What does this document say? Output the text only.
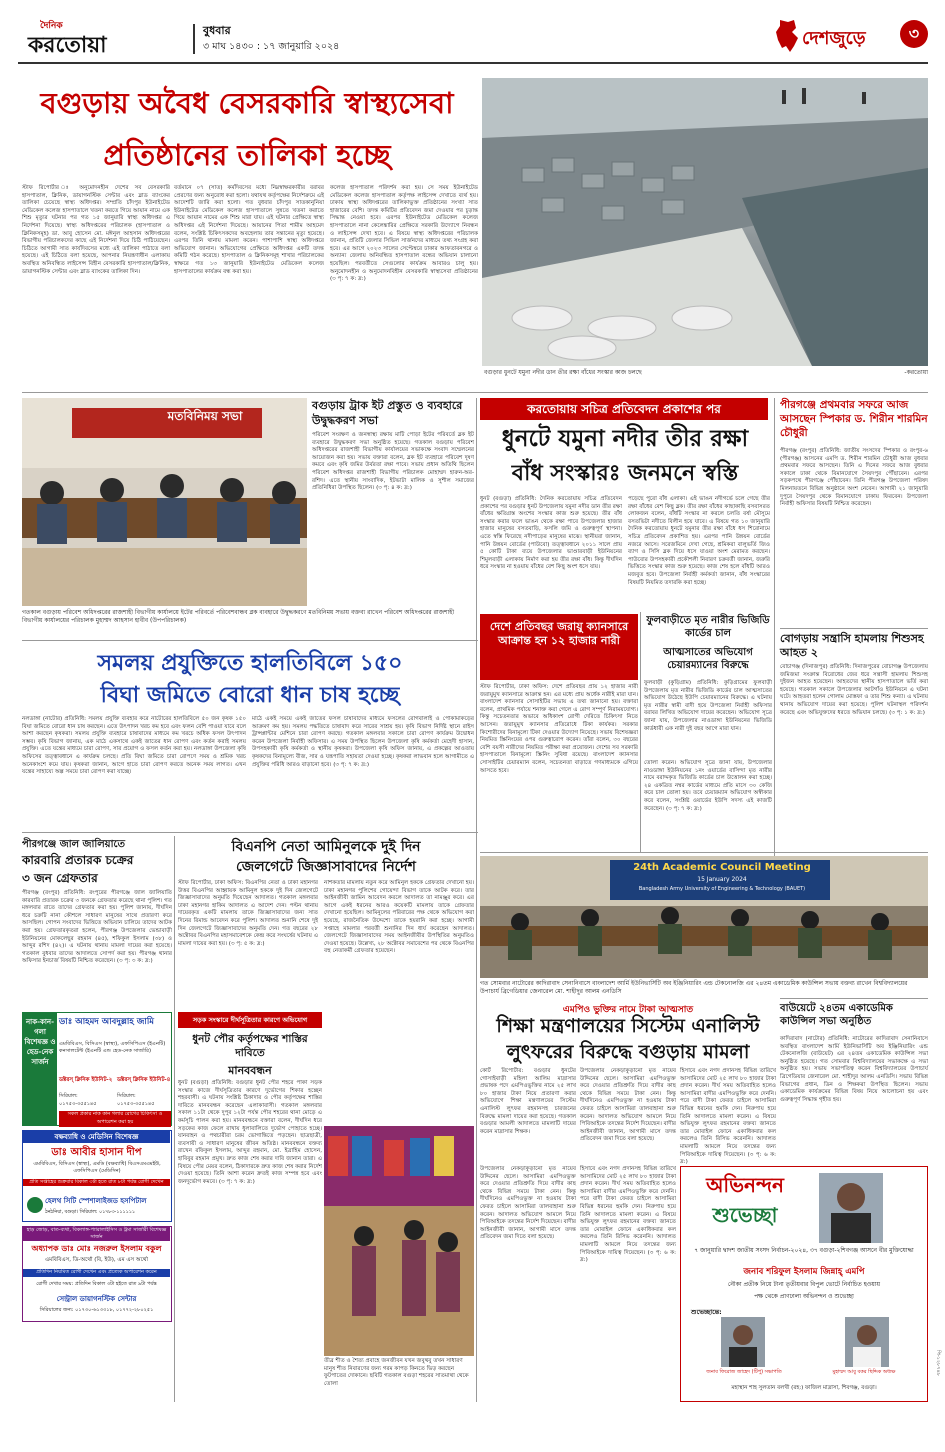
দৈনিক
করতোয়া
বুধবার
৩ মাঘ ১৪৩০ : ১৭ জানুয়ারি ২০২৪	দেশজুড়ে	৩
বগুড়ায় অবৈধ বেসরকারি স্বাস্থ্যসেবা
প্রতিষ্ঠানের তালিকা হচ্ছে
স্টাফ রিপোর্টার ঃ অনুমোদনহীন দেশের সব বেসরকারি হাসপাতাল, ক্লিনিক, ডায়াগনস্টিক সেন্টার এবং ব্লাড ব্যাংকের তালিকা চেয়েছে স্বাস্থ্য অধিদপ্তর। সম্প্রতি চাঁদপুর ইউনাইটেড মেডিকেল কলেজ হাসপাতালে খতনা করতে গিয়ে আয়ান নামে এক শিশু মৃত্যুর ঘটনার পর গত ১৫ জানুয়ারি স্বাস্থ্য অধিদপ্তর এ নির্দেশনা দিয়েছে। স্বাস্থ্য অধিদপ্তরের পরিচালক (হাসপাতাল ও ক্লিনিকসমূহ) ডা. আবু হোসেন মো. মঈনুল আহসান অধিদপ্তরের বিভাগীয় পরিচালকদের কাছে এই নির্দেশনা দিয়ে চিঠি পাঠিয়েছেন। চিঠিতে আগামী সাত কার্যদিবসের মধ্যে এই তালিকা পাঠাতে বলা হয়েছে। এই চিঠিতে বলা হয়েছে, আপনার নিয়ন্ত্রণাধীন এলাকায় অবস্থিত অনিবন্ধিত লাইসেন্স বিহীন বেসরকারি হাসপাতাল/ক্লিনিক, ডায়াগনস্টিক সেন্টার এবং ব্লাড ব্যাংকের তালিকা দিন।
বর্তমানে ০৭ (সাত) কর্মদিবসের মধ্যে নিম্নস্বাক্ষরকারীর বরাবর প্রেরণের জন্য অনুরোধ করা হলো। যথাযথ কর্তৃপক্ষের নির্দেশক্রমে এই আদেশটি জারি করা হলো। গত বুধবার চাঁদপুর সাতকানুনিয়া ইউনাইটেড মেডিকেল কলেজ হাসপাতালে সুন্নতে খতনা করাতে গিয়ে আয়ান নামের এক শিশু মারা যায়। এই ঘটনার প্রেক্ষিতে স্বাস্থ্য অধিদপ্তর এই নির্দেশনা দিয়েছে। আয়ানের পিতা শামীম আহমেদ বলেন, সংশ্লিষ্ট চিকিৎসকদের অবহেলায় তার সন্তানের মৃত্যু হয়েছে। এরপর তিনি থানায় মামলা করেন। পাশাপাশি স্বাস্থ্য অধিদপ্তরে অভিযোগ জানান। অভিযোগের প্রেক্ষিতে অধিদপ্তর একটি তদন্ত কমিটি গঠন করেছে। হাসপাতাল ও ক্লিনিকসমূহ শাখার পরিচালকের স্বাক্ষরে গত ১৩ জানুয়ারি ইউনাইটেড মেডিকেল কলেজ হাসপাতালের কার্যক্রম বন্ধ করা হয়।
কলেজ হাসপাতাল পরিদর্শন করা হয়। সে সময় ইউনাইটেড মেডিকেল কলেজ হাসপাতাল কর্তৃপক্ষ লাইসেন্স দেখাতে ব্যর্থ হয়। ঢাকায় স্বাস্থ্য অধিদপ্তরের তালিকাভুক্ত প্রতিষ্ঠানের সংখ্যা সাত হাজারের বেশি। তদন্ত কমিটির প্রতিবেদন জমা দেওয়ার পর চূড়ান্ত সিদ্ধান্ত নেওয়া হবে। এরপর ইউনাইটেড মেডিকেল কলেজ হাসপাতালে নানা কেলেঙ্কারির প্রেক্ষিতে সরকারি উদ্যোগে নিবন্ধন ও লাইসেন্স দেখা হবে। এ বিষয়ে স্বাস্থ্য অধিদপ্তরের পরিচালক জানান, প্রতিটি জেলার সিভিল সার্জনদের মাধ্যমে তথ্য সংগ্রহ করা হবে। এর আগে ২০২৩ সালের সেপ্টেম্বরে ঢাকার আফতাবনগরে ও অন্যান্য জেলায় অনিবন্ধিত হাসপাতাল বন্ধের অভিযান চালানো হয়েছিল। পরবর্তীতে সেগুলোর কার্যক্রম আবারও চালু হয়। অনুমোদনহীন ও অনুমোদনবিহীন বেসরকারি স্বাস্থ্যসেবা প্রতিষ্ঠানের (৩ পৃ: ৭ ক: দ্র:)
বগুড়ার ধুনটে যমুনা নদীর ডান তীর রক্ষা বাঁধের সংস্কার কাজ চলছে	-করতোয়া
মতবিনিময় সভা
গতকাল বগুড়ায় পরিবেশ অধিদপ্তরের রাজশাহী বিভাগীয় কার্যালয়ে ইটের পরিবর্তে পরিবেশবান্ধব ব্লক ব্যবহারে উদ্বুদ্ধকরণে মতবিনিময় সভায় বক্তব্য রাখেন পরিবেশ অধিদপ্তরের রাজশাহী বিভাগীয় কার্যালয়ের পরিচালক মুহাম্মদ আহসান হাবীব (উপপরিচালক)
বগুড়ায় ট্রাক ইট প্রস্তুত ও ব্যবহারে উদ্বুদ্ধকরণ সভা
পরিবেশ সংরক্ষণ ও জনস্বাস্থ্য রক্ষায় মাটি পোড়া ইটের পরিবর্তে ব্লক ইট ব্যবহারে উদ্বুদ্ধকরণ সভা অনুষ্ঠিত হয়েছে। গতকাল বগুড়ায় পরিবেশ অধিদপ্তরের রাজশাহী বিভাগীয় কার্যালয়ের সভাকক্ষে সংবাদ সম্মেলনের আয়োজন করা হয়। সভায় বক্তারা বলেন, ব্লক ইট ব্যবহারে পরিবেশ দূষণ কমবে এবং কৃষি জমির উর্বরতা রক্ষা পাবে। সভায় প্রধান অতিথি ছিলেন পরিবেশ অধিদপ্তর রাজশাহী বিভাগীয় পরিচালক মোহাম্মদ হারুন-অর-রশিদ। এতে স্থানীয় সাংবাদিক, ইটভাটা মালিক ও সুশীল সমাজের প্রতিনিধিরা উপস্থিত ছিলেন। (৩ পৃ: ৪ ক: দ্র:)
করতোয়ায় সচিত্র প্রতিবেদন প্রকাশের পর
ধুনটে যমুনা নদীর তীর রক্ষা
বাঁধ সংস্কারঃ জনমনে স্বস্তি
ধুনট (বগুড়া) প্রতিনিধি: দৈনিক করতোয়ায় সচিত্র প্রতিবেদন প্রকাশের পর বগুড়ার ধুনট উপজেলায় যমুনা নদীর ডান তীর রক্ষা বাঁধের ক্ষতিগ্রস্ত অংশের সংস্কার কাজ শুরু হয়েছে। তীর বাঁধ সংস্কার করার ফলে ভাঙন থেকে রক্ষা পাবে উপজেলার হাজার হাজার মানুষের বসতবাড়ি, ফসলি জমি ও গুরুত্বপূর্ণ স্থাপনা। এতে স্বস্তি ফিরেছে নদীপাড়ের মানুষের মাঝে। স্থানীয়রা জানান, পানি উন্নয়ন বোর্ডের (পাউবো) তত্ত্বাবধানে ২০১১ সালে প্রায় ৫ কোটি টাকা ব্যয়ে উপজেলার ভাণ্ডারবাড়ী ইউনিয়নের শিমুলবাড়ী এলাকায় নির্মাণ করা হয় তীর রক্ষা বাঁধ। কিন্তু দীর্ঘদিন ধরে সংস্কার না হওয়ায় বাঁধের বেশ কিছু অংশ ধসে যায়।
পড়েছে পুরো বাঁধ এলাকা। এই ভাঙন নদীগর্ভে চলে গেছে তীর রক্ষা বাঁধের বেশ কিছু ব্লক। তীর রক্ষা বাঁধের কাছাকাছি বসবাসরত লোকজন বলেন, বাঁধটি সংস্কার না করলে চলতি বর্ষা মৌসুমে বসতভিটা নদীতে বিলীন হয়ে যাবে। এ বিষয়ে গত ১০ জানুয়ারি দৈনিক করতোয়ায় ধুনটে যমুনার তীর রক্ষা বাঁধে ধস শিরোনামে সচিত্র প্রতিবেদন প্রকাশিত হয়। এরপর পানি উন্নয়ন বোর্ডের নজরে আসে। সরেজমিনে দেখা গেছে, শ্রমিকরা বালুভর্তি জিও ব্যাগ ও সিসি ব্লক দিয়ে ধসে যাওয়া অংশ মেরামত করছেন। পাউবোর উপসহকারী প্রকৌশলী নিবারণ চক্রবর্তী জানান, জরুরি ভিত্তিতে সংস্কার কাজ শুরু হয়েছে। কাজ শেষ হলে বাঁধটি আরও মজবুত হবে। উপজেলা নির্বাহী কর্মকর্তা জানান, বাঁধ সংস্কারের বিষয়টি নিয়মিত তদারকি করা হচ্ছে।
পীরগঞ্জে প্রথমবার সফরে আজ আসছেন স্পিকার ড. শিরীন শারমিন চৌধুরী
পীরগঞ্জ (রংপুর) প্রতিনিধি: জাতীয় সংসদের স্পিকার ও রংপুর-৬ (পীরগঞ্জ) আসনের এমপি ড. শিরীন শারমিন চৌধুরী আজ বুধবার প্রথমবার সফরে আসছেন। তিনি এ দিনের সফরে আজ বুধবার সকালে ঢাকা থেকে বিমানযোগে সৈয়দপুর পৌঁছাবেন। এরপর সড়কপথে পীরগঞ্জে পৌঁছাবেন। তিনি পীরগঞ্জ উপজেলা পরিষদ মিলনায়তনে বিভিন্ন অনুষ্ঠানে অংশ নেবেন। আগামী ২১ জানুয়ারি দুপুরে সৈয়দপুর থেকে বিমানযোগে ঢাকায় ফিরবেন। উপজেলা নির্বাহী অফিসার বিষয়টি নিশ্চিত করেছেন।
বোগড়ায় সন্ত্রাসি হামলায় শিশুসহ আহত ২
বোচাগঞ্জ (দিনাজপুর) প্রতিনিধি: দিনাজপুরের বোচাগঞ্জ উপজেলায় জমিজমা সংক্রান্ত বিরোধের জের ধরে সন্ত্রাসী হামলায় শিশুসহ দুইজন আহত হয়েছেন। আহতদের স্থানীয় হাসপাতালে ভর্তি করা হয়েছে। গতকাল সকালে উপজেলার আটগাঁও ইউনিয়নে এ ঘটনা ঘটে। আহতরা হলেন গোলাম মোস্তফা ও তার শিশু কন্যা। এ ঘটনায় থানায় অভিযোগ দায়ের করা হয়েছে। পুলিশ ঘটনাস্থল পরিদর্শন করেছে এবং অভিযুক্তদের ধরতে অভিযান চলছে। (৩ পৃ: ১ ক: দ্র:)
সমলয় প্রযুক্তিতে হালতিবিলে ১৫০
বিঘা জমিতে বোরো ধান চাষ হচ্ছে
নলডাঙ্গা (নাটোর) প্রতিনিধি: সমলয় প্রযুক্তি ব্যবহার করে নাটোরের হালতিবিলে ৫০ জন কৃষক ১৫০ বিঘা জমিতে বোরো ধান চাষ করছেন। এতে উৎপাদন খরচ কম হবে এবং ফলন বেশি পাওয়া যাবে বলে আশা করছেন কৃষকরা। সমলয় প্রযুক্তি ব্যবহারে চাষাবাদের মাধ্যমে কম খরচে অধিক ফসল উৎপাদন সম্ভব। কৃষি বিভাগ জানায়, এক মাঠে একসাথে একই জাতের ধান রোপণ এবং কর্তন করাই সমলয় প্রযুক্তি। এতে যন্ত্রের মাধ্যমে চারা রোপণ, সার প্রয়োগ ও ফসল কর্তন করা হয়। নলডাঙ্গা উপজেলা কৃষি অফিসের তত্ত্বাবধানে এ কার্যক্রম চলছে। প্রতি বিঘা জমিতে চারা রোপণে সময় ও শ্রমিক খরচ অনেকাংশে কমে যায়। কৃষকরা জানান, আগে হাতে চারা রোপণ করতে অনেক সময় লাগত। এখন যন্ত্রের সাহায্যে অল্প সময়ে চারা রোপণ করা যাচ্ছে।
মাঠে একই সময়ে একই জাতের ফসল চাষাবাদের মাধ্যমে ফসলের রোগবালাই ও পোকামাকড়ের আক্রমণ কম হয়। সমলয় পদ্ধতিতে চাষাবাদ করে সারের সাশ্রয় হয়। কৃষি বিভাগ নির্দিষ্ট স্থানে রাইস ট্রান্সপ্লান্টার মেশিনে চারা রোপণ করছে। গতকাল মঙ্গলবার সকালে চারা রোপণ কার্যক্রম উদ্বোধন করেন উপজেলা নির্বাহী অফিসার। এ সময় উপস্থিত ছিলেন উপজেলা কৃষি কর্মকর্তা মেহেদী হাসান, উপসহকারী কৃষি কর্মকর্তা ও স্থানীয় কৃষকরা। উপজেলা কৃষি অফিস জানায়, এ প্রকল্পের আওতায় কৃষকদের বিনামূল্যে বীজ, সার ও যন্ত্রপাতি সহায়তা দেওয়া হচ্ছে। কৃষকরা লাভবান হলে আগামীতে এ প্রযুক্তির পরিধি আরও বাড়ানো হবে। (৩ পৃ: ৭ ক: দ্র:)
দেশে প্রতিবছর জরায়ু ক্যানসারে আক্রান্ত হন ১২ হাজার নারী
স্টাফ রিপোর্টার, ঢাকা অফিস: দেশে প্রতিবছর প্রায় ১২ হাজার নারী জরায়ুমুখ ক্যানসারে আক্রান্ত হন। এর মধ্যে প্রায় অর্ধেক নারীই মারা যান। বাংলাদেশ ক্যানসার সোসাইটির সভায় এ তথ্য জানানো হয়। বক্তারা বলেন, প্রাথমিক পর্যায়ে শনাক্ত করা গেলে এ রোগ সম্পূর্ণ নিরাময়যোগ্য। কিন্তু সচেতনতার অভাবে অধিকাংশ রোগী দেরিতে চিকিৎসা নিতে আসেন। জরায়ুমুখ ক্যানসার প্রতিরোধে টিকা কার্যকর। সরকার কিশোরীদের বিনামূল্যে টিকা দেওয়ার উদ্যোগ নিয়েছে। সভায় বিশেষজ্ঞরা নিয়মিত স্ক্রিনিংয়ের ওপর গুরুত্বারোপ করেন। তাঁরা বলেন, ৩০ বছরের বেশি বয়সী নারীদের নিয়মিত পরীক্ষা করা প্রয়োজন। দেশের সব সরকারি হাসপাতালে বিনামূল্যে স্ক্রিনিং সুবিধা রয়েছে। বাংলাদেশ ক্যানসার সোসাইটির চেয়ারম্যান বলেন, সচেতনতা বাড়াতে গণমাধ্যমকে এগিয়ে আসতে হবে।
ফুলবাড়ীতে মৃত নারীর ভিজিডি কার্ডের চাল
আত্মসাতের অভিযোগ চেয়ারম্যানের বিরুদ্ধে
ফুলবাড়ী (কুড়িগ্রাম) প্রতিনিধি: কুড়িগ্রামের ফুলবাড়ী উপজেলায় মৃত নারীর ভিজিডি কার্ডের চাল আত্মসাতের অভিযোগ উঠেছে ইউপি চেয়ারম্যানের বিরুদ্ধে। এ ঘটনায় মৃত নারীর স্বামী বাদী হয়ে উপজেলা নির্বাহী অফিসার বরাবর লিখিত অভিযোগ দায়ের করেছেন। অভিযোগ সূত্রে জানা যায়, উপজেলার নাওডাঙ্গা ইউনিয়নের ভিজিডি কার্ডধারী এক নারী দুই বছর আগে মারা যান।
তোলা করেন। অভিযোগ সূত্রে জানা যায়, উপজেলার নাওডাঙ্গা ইউনিয়নের ১নং ওয়ার্ডের বাসিন্দা মৃত নারীর নামে বরাদ্দকৃত ভিজিডি কার্ডের চাল উত্তোলন করা হচ্ছে। ২৪ একত্রিত নম্বর কার্ডের মাধ্যমে প্রতি মাসে ৩০ কেজি করে চাল তোলা হয়। তবে চেয়ারম্যান অভিযোগ অস্বীকার করে বলেন, সংশ্লিষ্ট ওয়ার্ডের ইউপি সদস্য এই কাজটি করেছেন। (৩ পৃ: ৭ ক: দ্র:)
পীরগঞ্জে জাল জালিয়াতে
কারবারি প্রতারক চক্রের
৩ জন গ্রেফতার
পীরগঞ্জ (রংপুর) প্রতিনিধি: রংপুরের পীরগঞ্জে জাল জালিয়াতি কারবারি প্রতারক চক্রের ৩ জনকে গ্রেফতার করেছে থানা পুলিশ। গত মঙ্গলবার রাতে তাদের গ্রেফতার করা হয়। পুলিশ জানায়, দীর্ঘদিন ধরে চক্রটি নানা কৌশলে সাধারণ মানুষের সাথে প্রতারণা করে আসছিল। গোপন সংবাদের ভিত্তিতে অভিযান চালিয়ে তাদের আটক করা হয়। গ্রেফতারকৃতরা হলেন, পীরগঞ্জ উপজেলার ভেন্ডাবাড়ী ইউনিয়নের মোকলেছুর রহমান (৪৫), শফিকুল ইসলাম (৩৮) ও আব্দুর রশিদ (৪২)। এ ঘটনায় থানায় মামলা দায়ের করা হয়েছে। গতকাল বুধবার তাদের আদালতে সোপর্দ করা হয়। পীরগঞ্জ থানার অফিসার ইনচার্জ বিষয়টি নিশ্চিত করেছেন। (৩ পৃ: ৩ ক: দ্র:)
বিএনপি নেতা আমিনুলকে দুই দিন
জেলগেটে জিজ্ঞাসাবাদের নির্দেশ
স্টাফ রিপোর্টার, ঢাকা অফিস: বিএনপির নেতা ও ঢাকা মহানগর উত্তর বিএনপির আহ্বায়ক আমিনুল হককে দুই দিন জেলগেটে জিজ্ঞাসাবাদের অনুমতি দিয়েছেন আদালত। গতকাল মঙ্গলবার ঢাকা মহানগর হাকিম আদালত এ আদেশ দেন। পল্টন থানায় দায়েরকৃত একটি মামলায় তাকে জিজ্ঞাসাবাদের জন্য সাত দিনের রিমান্ড আবেদন করে পুলিশ। আদালত শুনানি শেষে দুই দিন জেলগেটে জিজ্ঞাসাবাদের অনুমতি দেন। গত বছরের ২৮ অক্টোবর বিএনপির মহাসমাবেশকে কেন্দ্র করে সংঘর্ষের ঘটনায় এ মামলা দায়ের করা হয়। (৩ পৃ: ৫ ক: দ্র:)
নাশকতার মামলায় নতুন করে আমিনুল হককে গ্রেফতার দেখানো হয়। ঢাকা মহানগর পুলিশের গোয়েন্দা বিভাগ তাকে আটক করে। তার আইনজীবী জামিন আবেদন করলে আদালত তা নামঞ্জুর করে। এর আগে একই ধরনের আরও কয়েকটি মামলায় তাকে গ্রেফতার দেখানো হয়েছিল। আমিনুলের পরিবারের পক্ষ থেকে অভিযোগ করা হয়েছে, রাজনৈতিক উদ্দেশ্যে তাকে হয়রানি করা হচ্ছে। আগামী সপ্তাহে মামলার পরবর্তী শুনানির দিন ধার্য করেছেন আদালত। জেলগেটে জিজ্ঞাসাবাদের সময় আইনজীবীর উপস্থিতির অনুমতিও দেওয়া হয়েছে। উল্লেখ্য, ২৮ অক্টোবর সমাবেশের পর থেকে বিএনপির বহু নেতাকর্মী গ্রেফতার হয়েছেন।
24th Academic Council Meeting
15 January 2024
Bangladesh Army University of Engineering & Technology (BAUET)
গত সোমবার নাটোরের কাদিরাবাদ সেনানিবাসে বাংলাদেশ আর্মি ইউনিভার্সিটি অব ইঞ্জিনিয়ারিং এন্ড টেকনোলজি এর ২৪তম একাডেমিক কাউন্সিল সভায় বক্তব্য রাখেন বিশ্ববিদ্যালয়ের উপাচার্য ব্রিগেডিয়ার জেনারেল মো. শাহীদুর আলম এনডিসি
সড়ক সংস্কারে দীর্ঘসূত্রিতার কারণে অভিযোগ
ধুনট পৌর কর্তৃপক্ষের শাস্তির দাবিতে
মানববন্ধন
ধুনট (বগুড়া) প্রতিনিধি: বগুড়ার ধুনট পৌর শহরে পাকা সড়ক সংস্কার কাজে দীর্ঘসূত্রিতার কারণে দুর্ভোগের শিকার হচ্ছেন শহরবাসী। এ ঘটনায় সংশ্লিষ্ট ঠিকাদার ও পৌর কর্তৃপক্ষের শাস্তির দাবিতে মানববন্ধন করেছেন এলাকাবাসী। গতকাল মঙ্গলবার সকাল ১১টা থেকে দুপুর ১২টা পর্যন্ত পৌর শহরের থানা মোড়ে এ কর্মসূচি পালন করা হয়। মানববন্ধনে বক্তারা বলেন, দীর্ঘদিন ধরে সড়কের কাজ ফেলে রাখায় ধুলাবালিতে দুর্ভোগ পোহাতে হচ্ছে। যানবাহন ও পথচারীরা চরম ভোগান্তিতে পড়ছেন। ছাত্রছাত্রী, ব্যবসায়ী ও সাধারণ মানুষের জীবন অতিষ্ঠ। মানববন্ধনে বক্তব্য রাখেন রফিকুল ইসলাম, আব্দুর রহমান, মো. ইব্রাহিম হোসেন, হাবিবুর রহমান প্রমুখ। দ্রুত কাজ শেষ করার দাবি জানান তারা। এ বিষয়ে পৌর মেয়র বলেন, ঠিকাদারকে দ্রুত কাজ শেষ করার নির্দেশ দেওয়া হয়েছে। তিনি আশা করেন দ্রুতই কাজ সম্পন্ন হবে এবং জনদুর্ভোগ কমবে। (৩ পৃ: ৭ ক: দ্র:)
বাউয়েটে ২৪তম একাডেমিক কাউন্সিল সভা অনুষ্ঠিত
কাদিরাবাদ (নাটোর) প্রতিনিধি: নাটোরের কাদিরাবাদ সেনানিবাসে অবস্থিত বাংলাদেশ আর্মি ইউনিভার্সিটি অব ইঞ্জিনিয়ারিং এন্ড টেকনোলজি (বাউয়েট) এর ২৪তম একাডেমিক কাউন্সিল সভা অনুষ্ঠিত হয়েছে। গত সোমবার বিশ্ববিদ্যালয়ের সভাকক্ষে এ সভা অনুষ্ঠিত হয়। সভায় সভাপতিত্ব করেন বিশ্ববিদ্যালয়ের উপাচার্য ব্রিগেডিয়ার জেনারেল মো. শাহীদুর আলম এনডিসি। সভায় বিভিন্ন বিভাগের প্রধান, ডিন ও শিক্ষকরা উপস্থিত ছিলেন। সভায় একাডেমিক কার্যক্রমের বিভিন্ন বিষয় নিয়ে আলোচনা হয় এবং গুরুত্বপূর্ণ সিদ্ধান্ত গৃহীত হয়।
এমপিও ভুক্তির নামে টাকা আত্মসাত
শিক্ষা মন্ত্রণালয়ের সিস্টেম এনালিস্ট
লুৎফরের বিরুদ্ধে বগুড়ায় মামলা
কোর্ট রিপোর্টার: বগুড়ার ধুনটের গোসাইবাড়ী মহিলা আলিম মাদ্রাসার প্রভাষক পদে এমপিওভুক্তির নামে ২৫ লাখ ৮০ হাজার টাকা নিয়ে প্রতারণা করার অভিযোগে শিক্ষা মন্ত্রণালয়ের সিস্টেম এনালিস্ট লুৎফর রহমানসহ চারজনের বিরুদ্ধে মামলা দায়ের করা হয়েছে। গতকাল বগুড়ার আমলী আদালতে মামলাটি দায়ের করেন মাদ্রাসার শিক্ষক।
উপজেলার নেকড়াকুড়ানো মৃত নায়েব উদ্দিনের ছেলে। আসামিরা এমপিওভুক্ত করে দেওয়ার প্রতিশ্রুতি দিয়ে বাদীর কাছ থেকে বিভিন্ন সময়ে টাকা নেন। কিন্তু দীর্ঘদিনেও এমপিওভুক্ত না হওয়ায় টাকা ফেরত চাইলে আসামিরা তালবাহানা শুরু করেন। আদালত অভিযোগ আমলে নিয়ে পিবিআইকে তদন্তের নির্দেশ দিয়েছেন। বাদীর আইনজীবী জানান, আগামী মাসে তদন্ত প্রতিবেদন জমা দিতে বলা হয়েছে।
হিসাবে এবং নগদ প্রদানসহ বিভিন্ন তারিখে আসামিদের মোট ২৫ লাখ ৮০ হাজার টাকা প্রদান করেন। দীর্ঘ সময় অতিবাহিত হলেও আসামিরা বাদীর এমপিওভুক্তি করে দেননি। পরে বাদী টাকা ফেরত চাইলে আসামিরা বিভিন্ন ধরনের হুমকি দেন। নিরুপায় হয়ে তিনি আদালতে মামলা করেন। এ বিষয়ে অভিযুক্ত লুৎফর রহমানের বক্তব্য জানতে তার মোবাইল ফোনে একাধিকবার কল করলেও তিনি রিসিভ করেননি। আদালত মামলাটি আমলে নিয়ে তদন্তের জন্য পিবিআইকে দায়িত্ব দিয়েছেন। (৩ পৃ: ৬ ক: দ্র:)
তীব্র শীত ও শৈত্য প্রবাহে জনজীবন যখন জবুথবু তখন সাধারণ মানুষ শীত নিবারণের জন্য গরম কাপড় কিনতে ভিড় করছেন ফুটপাতের দোকানে। ছবিটি গতকাল বগুড়া শহরের সাতমাথা থেকে তোলা
নাক-কান-গলা বিশেষজ্ঞ ও হেড-নেক সার্জন
ডাঃ আহমদ আবদুল্লাহ জামি
এমবিবিএস, বিসিএস (স্বাস্থ্য), এফসিপিএস (ইএনটি) কনসালটেন্ট (ইএনটি এন্ড হেড-নেক সার্জারি)
ডক্টরস্ ক্লিনিক ইউনিট-২ ডক্টরস্ ক্লিনিক ইউনিট-৪
সিরিয়াল: ০১৭৫৩-৩৫৫১৪৫
সিরিয়াল: ০১৭৫৩-৩৫৫১৪৫
সকল প্রকার নাক কান গলার রোগের চিকিৎসা ও অপারেশন করা হয়
বক্ষব্যাধি ও মেডিসিন বিশেষজ্ঞ
ডাঃ আবীর হাসান দীপ
এমবিবিএস, বিসিএস (স্বাস্থ্য), এমডি (বক্ষব্যাধি) বিএসএমএমইউ, এফসিপিএস (মেডিসিন)
প্রতি সপ্তাহের শুক্রবার বিকাল ৩টা হতে রাত ৮টা পর্যন্ত রোগী দেখেন
হেলথ সিটি স্পেশালাইজড হসপিটাল
ঠনঠনিয়া, বগুড়া। সিরিয়াল: ০১৭৮৩-১১১১১১
হাড় জোড়, বাত-ব্যথা, বিকলাঙ্গ-প্যারালাইসিস ও ট্রমা সার্জারী বিশেষজ্ঞ সার্জন
অধ্যাপক ডাঃ মোঃ নজরুল ইসলাম বকুল
এমবিবিএস, ডি-অর্থো (বি, ইউ), এম এস অর্থো
প্রতিদিন নিয়মিত রোগী দেখেন এবং প্রত্যেক অপারেশন করেন
রোগী দেখার সময়: প্রতিদিন বিকাল ৩টা হইতে রাত ৯টা পর্যন্ত
সেন্ট্রাল ডায়াগনস্টিক সেন্টার
সিরিয়ালের জন্য: ০১৭৩০-৬১৩৩১৮, ০১৭৭২-২৮০২৫১
অভিনন্দন
শুভেচ্ছা
৭ জানুয়ারি দ্বাদশ জাতীয় সংসদ নির্বাচন-২০২৪, ৩৭ বগুড়া-২শিবগঞ্জ আসনে বীর মুক্তিযোদ্ধা
জনাব শরিফুল ইসলাম জিন্নাহ্ এমপি
নৌকা প্রতীক নিয়ে টানা তৃতীয়বার বিপুল ভোটে নির্বাচিত হওয়ায়
পক্ষ থেকে প্রাণঢালা অভিনন্দন ও শুভেচ্ছা
শুভেচ্ছান্তে:
জনাব ফিরোজ জাহেদ (টিপু) সভাপতি	মুহাম্মদ আবু বকর ছিদ্দিক অধ্যক্ষ
মহাস্থান শাহ সুলতান বলখী (রহ:) ফাজিল মাদ্রাসা, শিবগঞ্জ, বগুড়া।
উপজেলার নেকড়াকুড়ানো মৃত নায়েব উদ্দিনের ছেলে। আসামিরা এমপিওভুক্ত করে দেওয়ার প্রতিশ্রুতি দিয়ে বাদীর কাছ থেকে বিভিন্ন সময়ে টাকা নেন। কিন্তু দীর্ঘদিনেও এমপিওভুক্ত না হওয়ায় টাকা ফেরত চাইলে আসামিরা তালবাহানা শুরু করেন। আদালত অভিযোগ আমলে নিয়ে পিবিআইকে তদন্তের নির্দেশ দিয়েছেন। বাদীর আইনজীবী জানান, আগামী মাসে তদন্ত প্রতিবেদন জমা দিতে বলা হয়েছে।
হিসাবে এবং নগদ প্রদানসহ বিভিন্ন তারিখে আসামিদের মোট ২৫ লাখ ৮০ হাজার টাকা প্রদান করেন। দীর্ঘ সময় অতিবাহিত হলেও আসামিরা বাদীর এমপিওভুক্তি করে দেননি। পরে বাদী টাকা ফেরত চাইলে আসামিরা বিভিন্ন ধরনের হুমকি দেন। নিরুপায় হয়ে তিনি আদালতে মামলা করেন। এ বিষয়ে অভিযুক্ত লুৎফর রহমানের বক্তব্য জানতে তার মোবাইল ফোনে একাধিকবার কল করলেও তিনি রিসিভ করেননি। আদালত মামলাটি আমলে নিয়ে তদন্তের জন্য পিবিআইকে দায়িত্ব দিয়েছেন। (৩ পৃ: ৬ ক: দ্র:)
পি-১২৮৭৪৮
